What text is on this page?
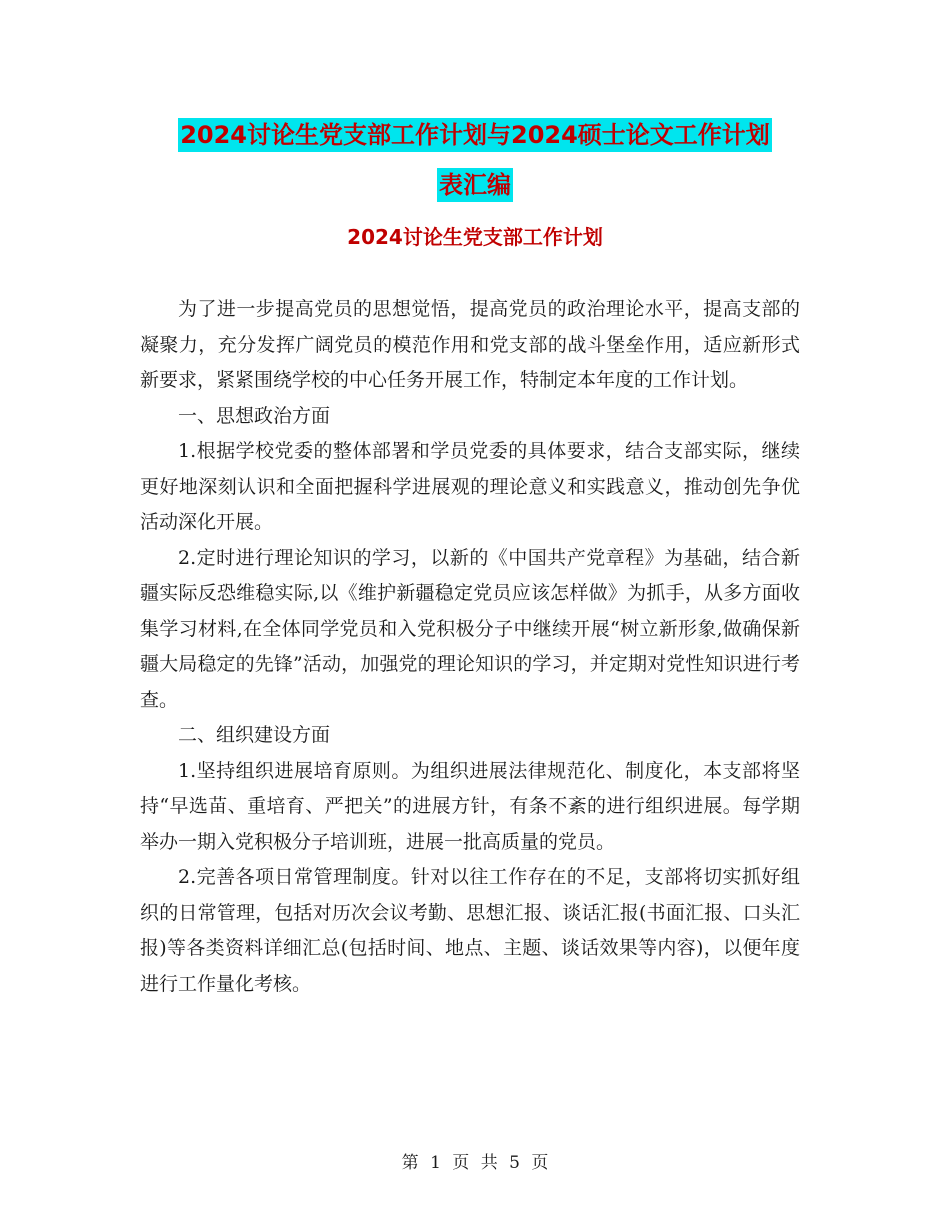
2024讨论生党支部工作计划与2024硕士论文工作计划
表汇编
2024讨论生党支部工作计划

为了进一步提高党员的思想觉悟，提高党员的政治理论水平，提高支部的凝聚力，充分发挥广阔党员的模范作用和党支部的战斗堡垒作用，适应新形式新要求，紧紧围绕学校的中心任务开展工作，特制定本年度的工作计划。

一、思想政治方面

1.根据学校党委的整体部署和学员党委的具体要求，结合支部实际，继续更好地深刻认识和全面把握科学进展观的理论意义和实践意义，推动创先争优活动深化开展。

2.定时进行理论知识的学习，以新的《中国共产党章程》为基础，结合新疆实际反恐维稳实际,以《维护新疆稳定党员应该怎样做》为抓手，从多方面收集学习材料,在全体同学党员和入党积极分子中继续开展“树立新形象,做确保新疆大局稳定的先锋”活动，加强党的理论知识的学习，并定期对党性知识进行考查。

二、组织建设方面

1.坚持组织进展培育原则。为组织进展法律规范化、制度化，本支部将坚持“早选苗、重培育、严把关”的进展方针，有条不紊的进行组织进展。每学期举办一期入党积极分子培训班，进展一批高质量的党员。

2.完善各项日常管理制度。针对以往工作存在的不足，支部将切实抓好组织的日常管理，包括对历次会议考勤、思想汇报、谈话汇报(书面汇报、口头汇报)等各类资料详细汇总(包括时间、地点、主题、谈话效果等内容)，以便年度进行工作量化考核。

第 1 页 共 5 页
